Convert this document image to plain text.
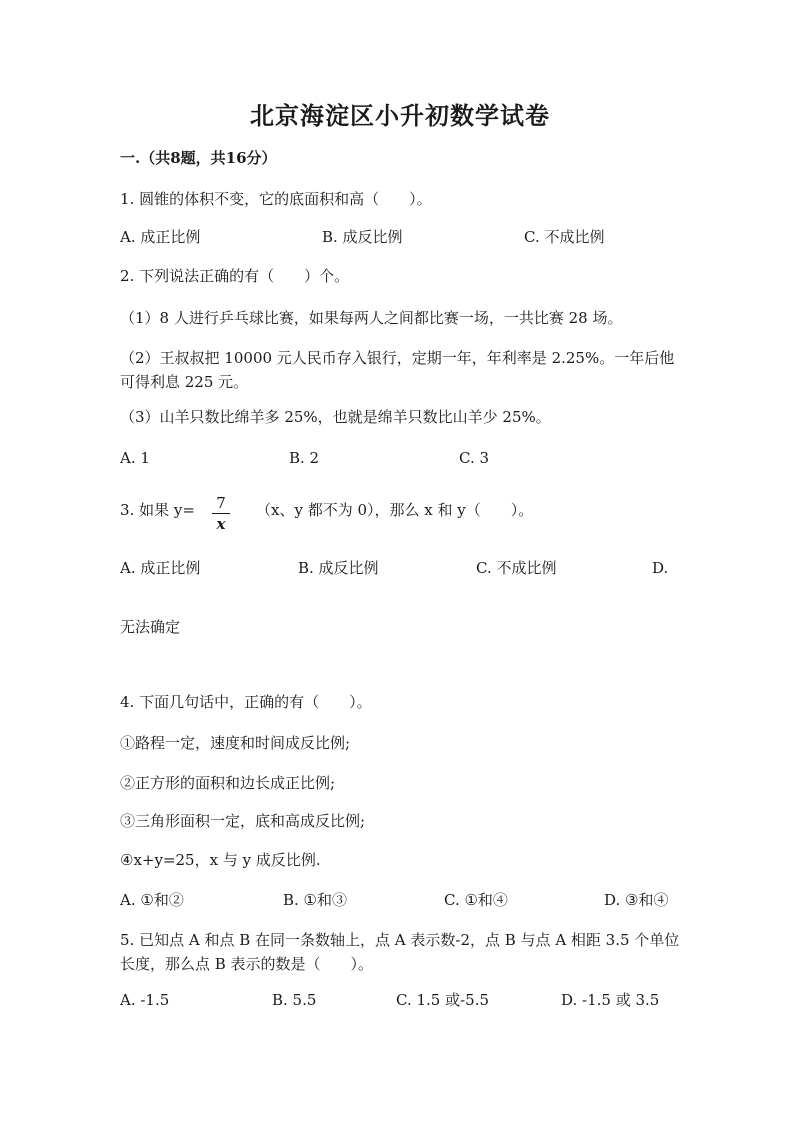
北京海淀区小升初数学试卷
一.（共8题，共16分）
1. 圆锥的体积不变，它的底面积和高（　　）。
A. 成正比例	B. 成反比例	C. 不成比例
2. 下列说法正确的有（　　）个。
（1）8 人进行乒乓球比赛，如果每两人之间都比赛一场，一共比赛 28 场。
（2）王叔叔把 10000 元人民币存入银行，定期一年，年利率是 2.25%。一年后他可得利息 225 元。
（3）山羊只数比绵羊多 25%，也就是绵羊只数比山羊少 25%。
A. 1	B. 2	C. 3
3. 如果 y=	7
x
（x、y 都不为 0），那么 x 和 y（　　）。
A. 成正比例	B. 成反比例	C. 不成比例	D.
无法确定
4. 下面几句话中，正确的有（　　）。
①路程一定，速度和时间成反比例;
②正方形的面积和边长成正比例;
③三角形面积一定，底和高成反比例;
④x+y=25，x 与 y 成反比例.
A. ①和②	B. ①和③	C. ①和④	D. ③和④
5. 已知点 A 和点 B 在同一条数轴上，点 A 表示数-2，点 B 与点 A 相距 3.5 个单位长度，那么点 B 表示的数是（　　）。
A. -1.5	B. 5.5	C. 1.5 或-5.5	D. -1.5 或 3.5
